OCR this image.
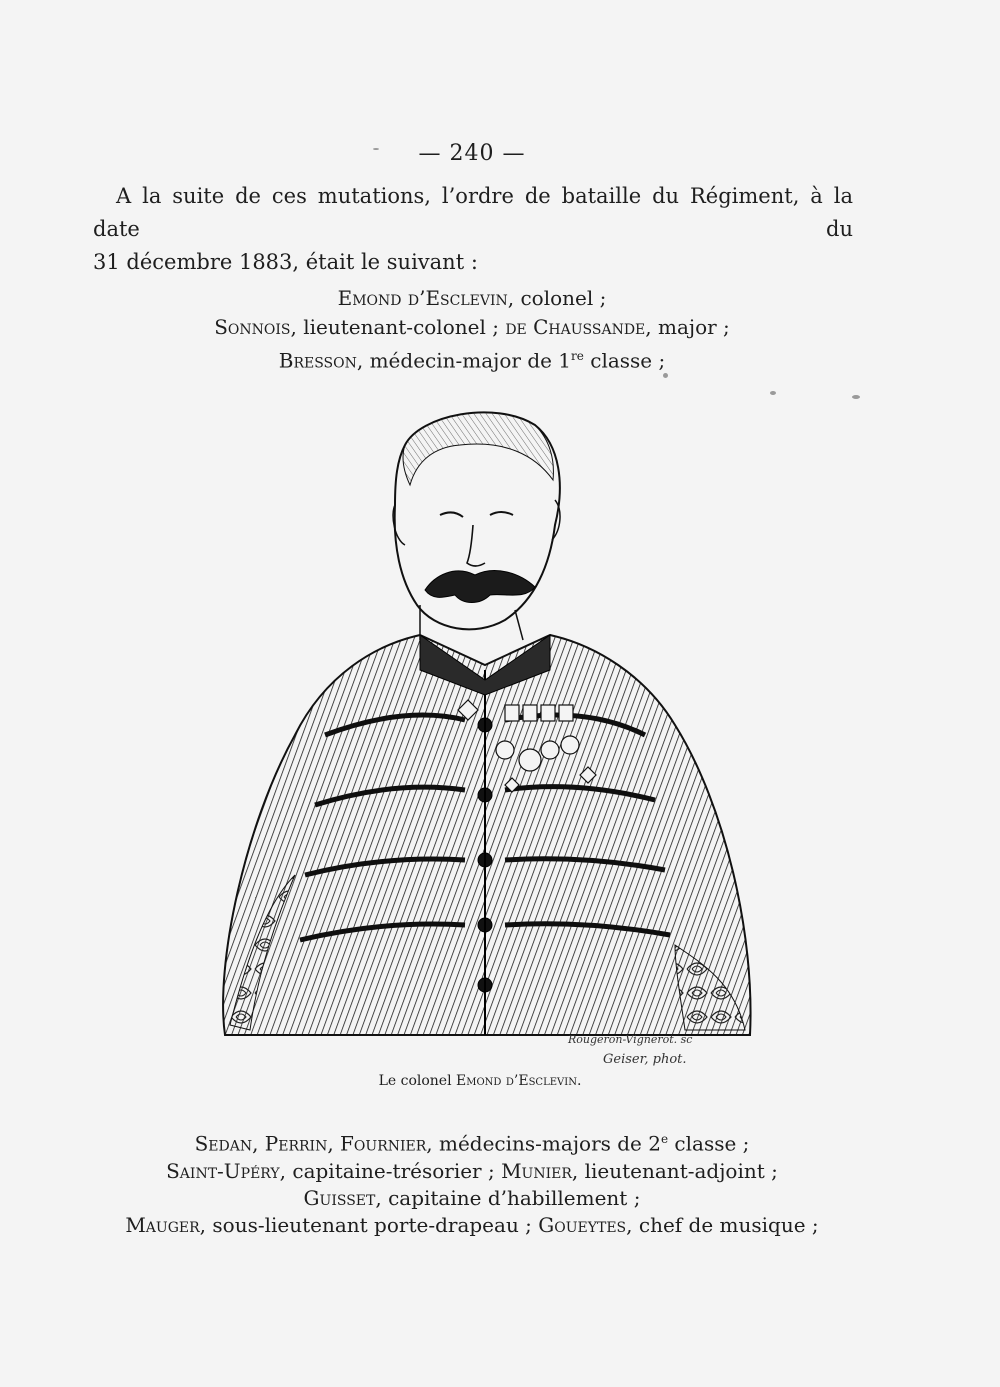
— 240 —
A la suite de ces mutations, l’ordre de bataille du Régiment, à la date du
31 décembre 1883, était le suivant :
Emond d’Esclevin, colonel ;
Sonnois, lieutenant-colonel ; de Chaussande, major ;
Bresson, médecin-major de 1re classe ;
Rougeron-Vignerot. sc
Geiser, phot.
Le colonel Emond d’Esclevin.
Sedan, Perrin, Fournier, médecins-majors de 2e classe ;
Saint-Upéry, capitaine-trésorier ; Munier, lieutenant-adjoint ;
Guisset, capitaine d’habillement ;
Mauger, sous-lieutenant porte-drapeau ; Goueytes, chef de musique ;
